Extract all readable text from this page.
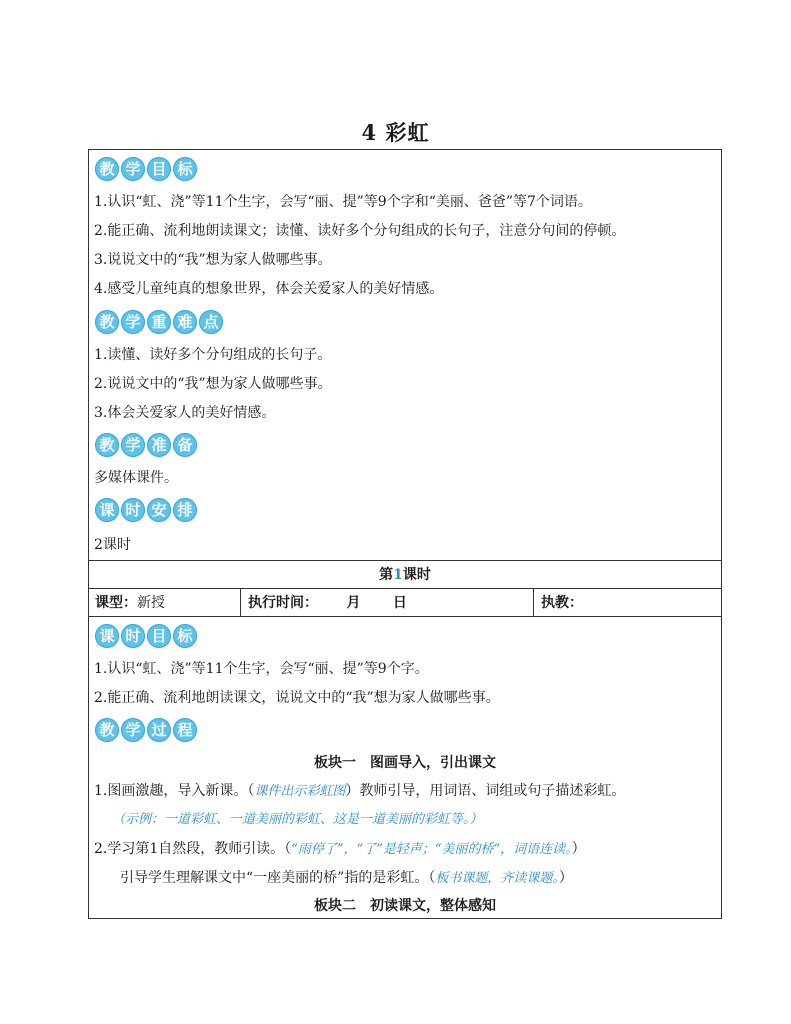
4 彩虹
教 学 目 标
1.认识“虹、浇”等11个生字，会写“丽、提”等9个字和“美丽、爸爸”等7个词语。
2.能正确、流利地朗读课文；读懂、读好多个分句组成的长句子，注意分句间的停顿。
3.说说文中的“我”想为家人做哪些事。
4.感受儿童纯真的想象世界，体会关爱家人的美好情感。
教 学 重 难 点
1.读懂、读好多个分句组成的长句子。
2.说说文中的“我”想为家人做哪些事。
3.体会关爱家人的美好情感。
教 学 准 备
多媒体课件。
课 时 安 排
2课时
第1课时
课型：新授	执行时间： 月 日	执教：
课 时 目 标
1.认识“虹、浇”等11个生字，会写“丽、提”等9个字。
2.能正确、流利地朗读课文，说说文中的“我”想为家人做哪些事。
教 学 过 程
板块一　图画导入，引出课文
1.图画激趣，导入新课。（课件出示彩虹图）教师引导，用词语、词组或句子描述彩虹。
（示例：一道彩虹、一道美丽的彩虹、这是一道美丽的彩虹等。）
2.学习第1自然段，教师引读。（“雨停了”，“了”是轻声；“美丽的桥”，词语连读。）
引导学生理解课文中“一座美丽的桥”指的是彩虹。（板书课题，齐读课题。）
板块二　初读课文，整体感知
